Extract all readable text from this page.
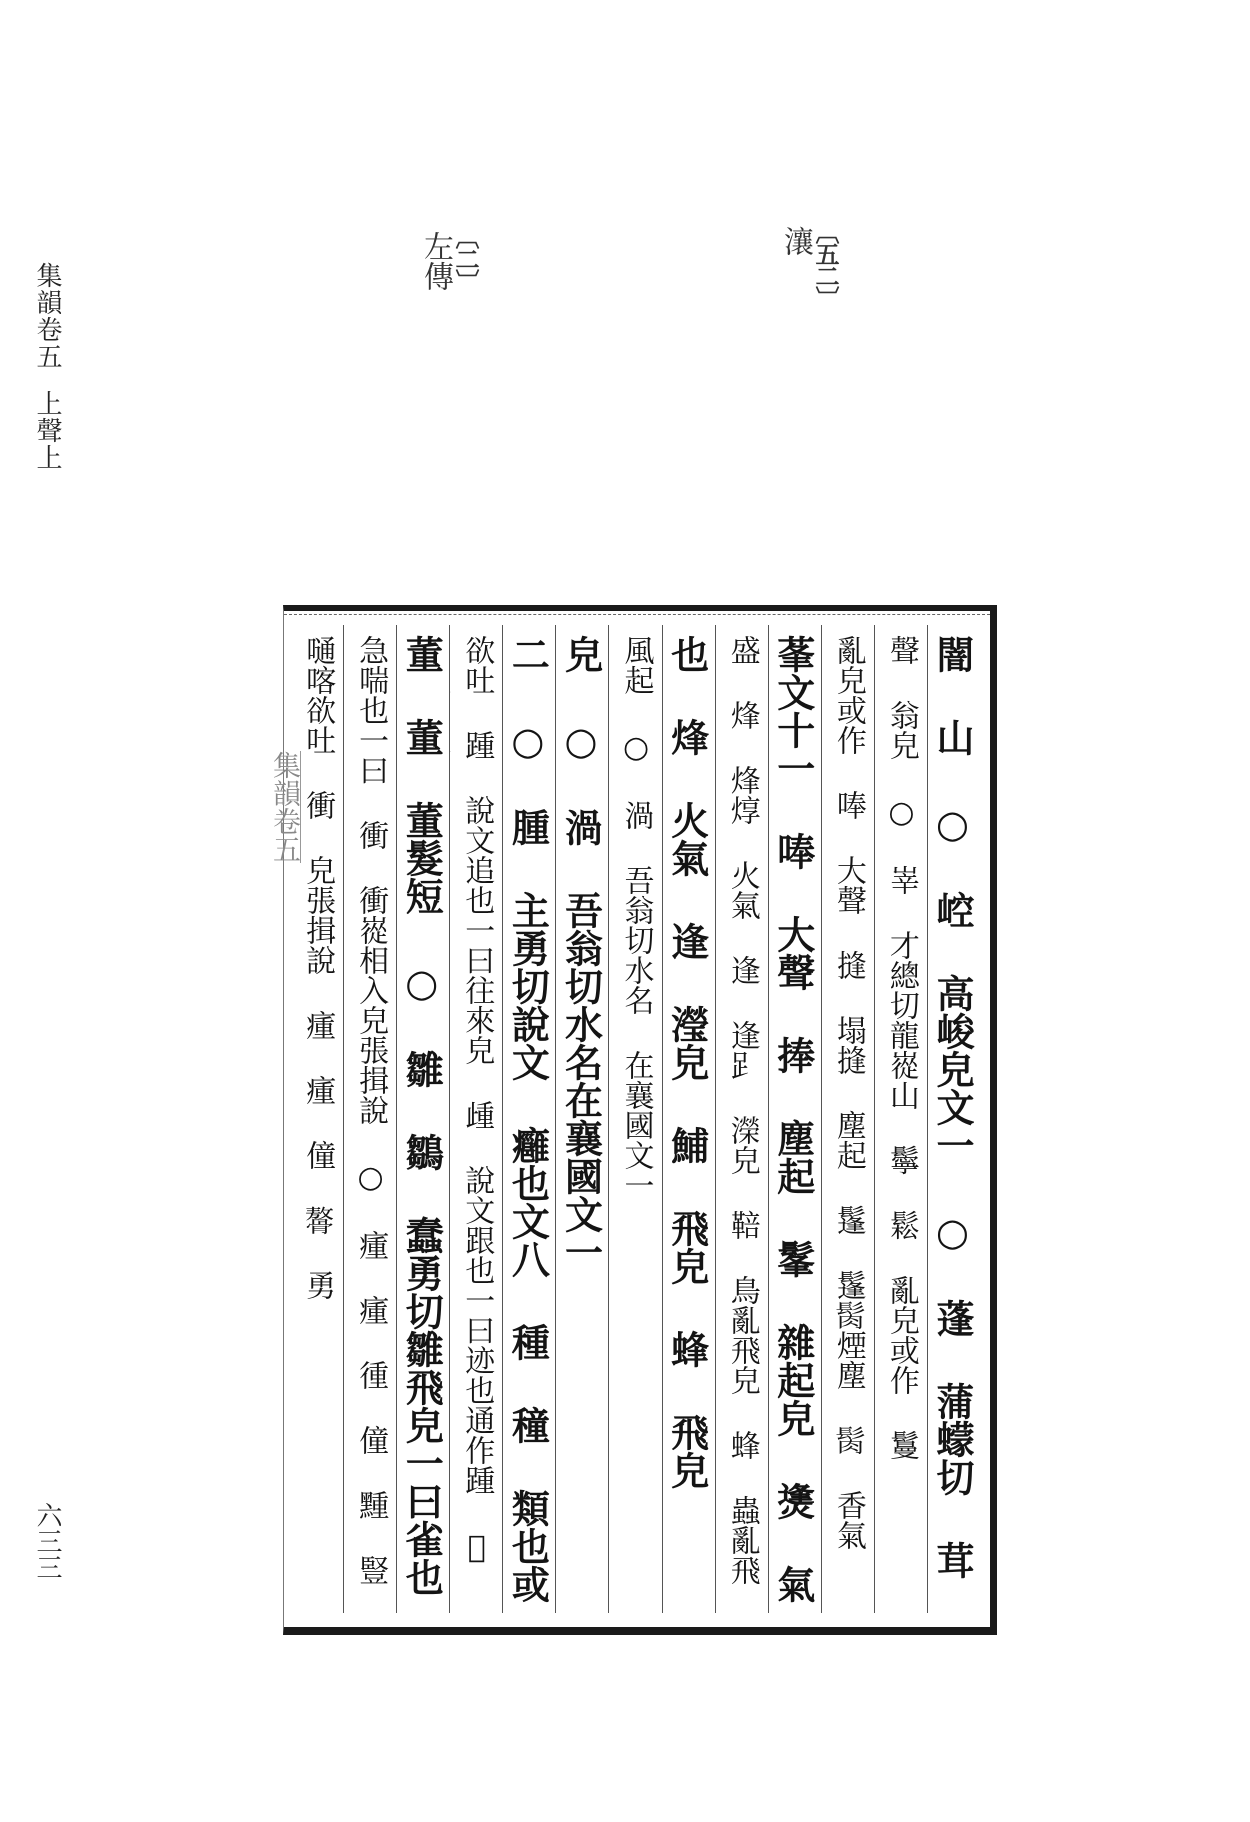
集韻卷五上聲上
六三三
〔二〕
左傳	〔五二〕
瀼
集韻卷五
闇 山 ○ 崆 高峻皃文一 ○ 蓬 蒲蠓切 茸
聲 翁皃 ○ 峷 才總切龍嵸山 鬡 鬆 亂皃或作 鬘
亂皃或作 唪 大聲 摓 塌摓 塵起 鬔 鬔𩬳煙塵 𩬳 香氣
莑文十一 唪 大聲 捧 塵起 髼 雜起皃 㷭 氣
盛 烽 烽焞 火氣 逢 逢𧾷 濚皃 鞛 鳥亂飛皃 蜂 蟲亂飛
也 烽 火氣 逢 瀅皃 鯆 飛皃 蜂 飛皃
風起 ○ 渦 吾翁切水名 在襄國文一
皃 ○ 渦 吾翁切水名在襄國文一
二 ○ 腫 主勇切說文 癰也文八 種 穜 類也或
欲吐 踵 說文追也一曰往來皃 歱 說文跟也一曰迹也通作踵 𨑈
董 董 董髮短 ○ 雛 鶵 蠢勇切雛飛皃一曰雀也
急喘也一曰 衝 衝嵸相入皃張揖說 ○ 瘇 瘇 㣫 僮 䵯 豎
嗵喀欲吐 衝 皃張揖說 瘇 瘇 僮 𩪋 勇
